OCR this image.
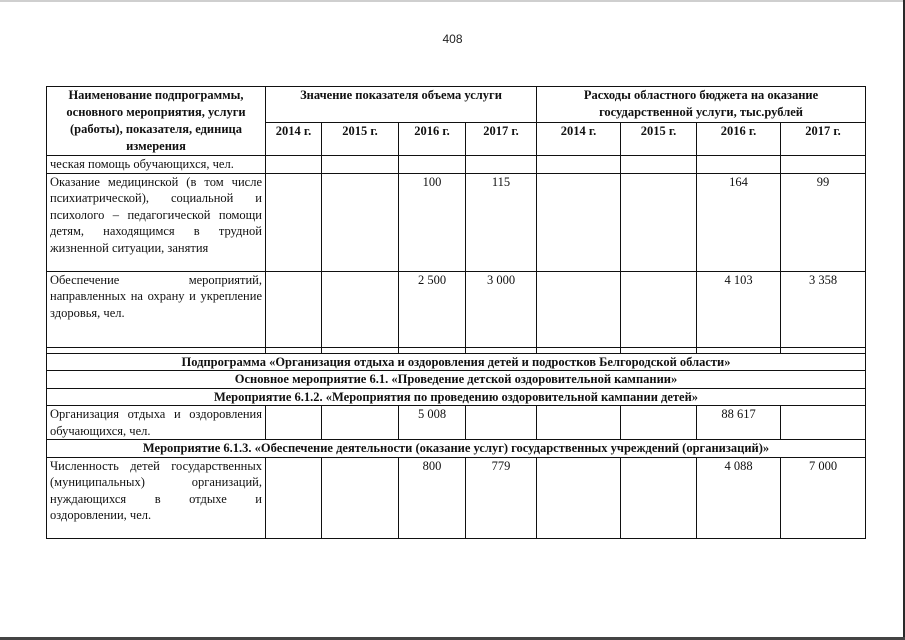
408
Наименование подпрограммы, основного мероприятия, услуги (работы), показателя, единица измерения	Значение показателя объема услуги				Расходы областного бюджета на оказание государственной услуги, тыс.рублей			
	2014 г.	2015 г.	2016 г.	2017 г.	2014 г.	2015 г.	2016 г.	2017 г.
ческая помощь обучающихся, чел.								
Оказание медицинской (в том числе психиатрической), социальной и психолого – педагогической помощи детям, находящимся в трудной жизненной ситуации, занятия			100	115			164	99
Обеспечение мероприятий, направленных на охрану и укрепление здоровья, чел.			2 500	3 000			4 103	3 358

Подпрограмма «Организация отдыха и оздоровления детей и подростков Белгородской области»								
Основное мероприятие 6.1. «Проведение детской оздоровительной кампании»								
Мероприятие 6.1.2. «Мероприятия по проведению оздоровительной кампании детей»								
Организация отдыха и оздоровления обучающихся, чел.			5 008				88 617	
Мероприятие 6.1.3. «Обеспечение деятельности (оказание услуг) государственных учреждений (организаций)»								
Численность детей государственных (муниципальных) организаций, нуждающихся в отдыхе и оздоровлении, чел.			800	779			4 088	7 000
